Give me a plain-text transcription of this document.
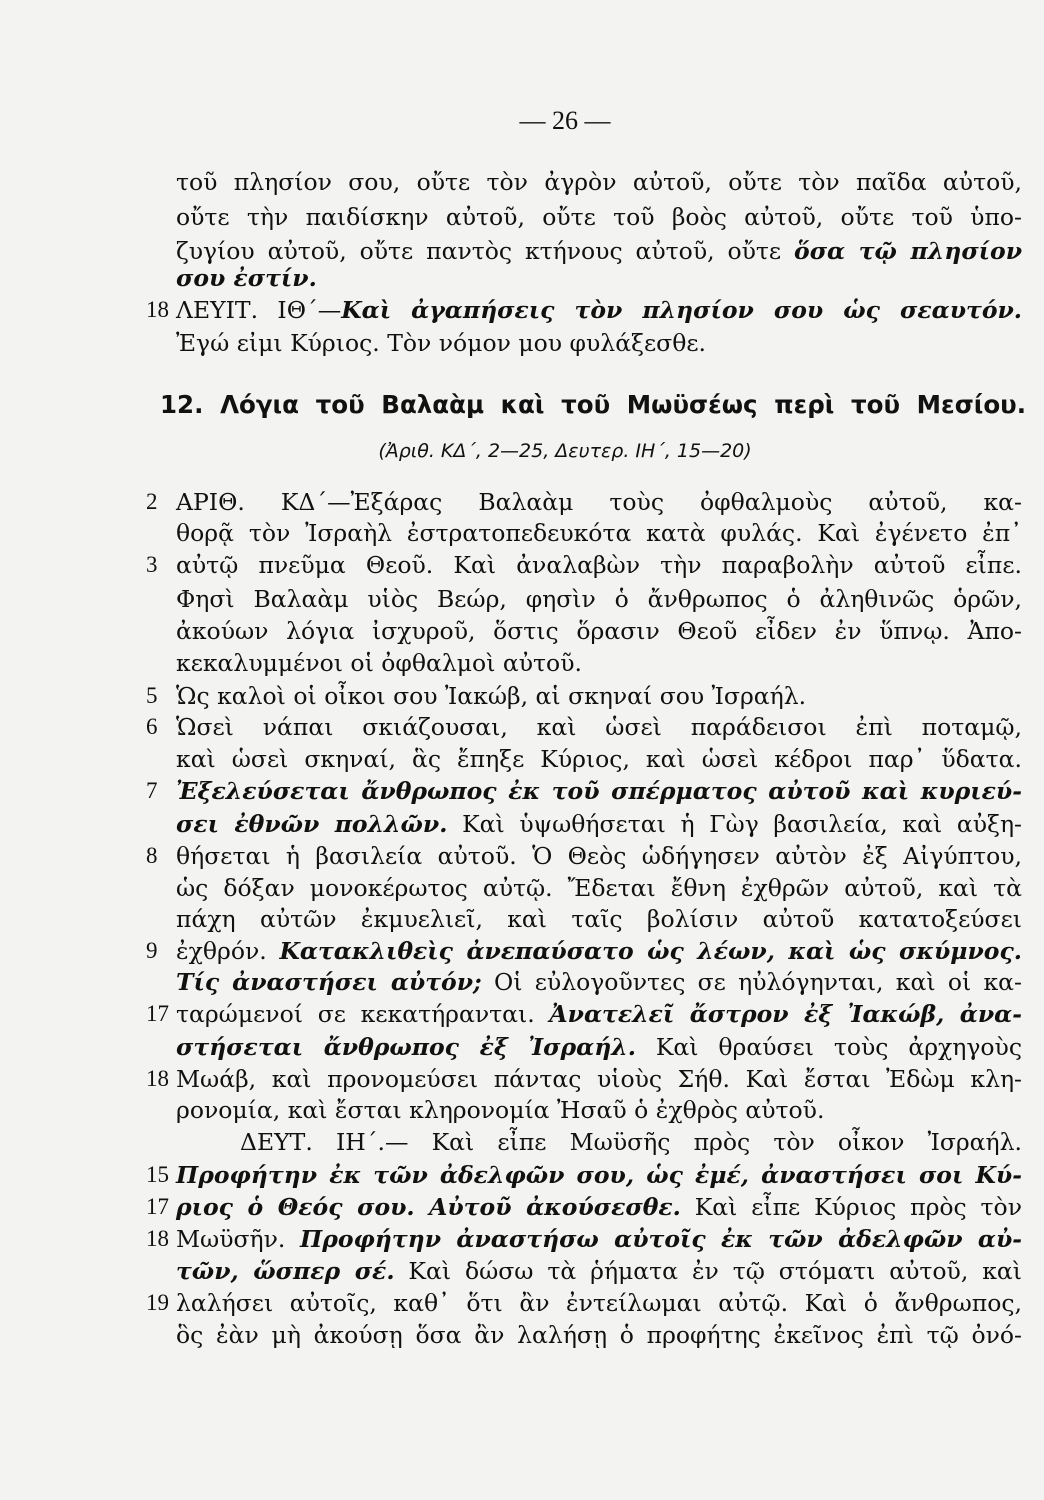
— 26 —
τοῦ πλησίον σου, οὔτε τὸν ἀγρὸν αὐτοῦ, οὔτε τὸν παῖδα αὐτοῦ,
οὔτε τὴν παιδίσκην αὐτοῦ, οὔτε τοῦ βοὸς αὐτοῦ, οὔτε τοῦ ὑπο-
ζυγίου αὐτοῦ, οὔτε παντὸς κτήνους αὐτοῦ, οὔτε ὅσα τῷ πλησίον
σου ἐστίν.
18 ΛΕΥΙΤ. ΙΘ΄—Καὶ ἀγαπήσεις τὸν πλησίον σου ὡς σεαυτόν.
Ἐγώ εἰμι Κύριος. Τὸν νόμον μου φυλάξεσθε.
12. Λόγια τοῦ Βαλαὰμ καὶ τοῦ Μωϋσέως περὶ τοῦ Μεσίου.
(Ἀριθ. ΚΔ΄, 2—25, Δευτερ. ΙΗ΄, 15—20)
2 ΑΡΙΘ. ΚΔ΄—Ἐξάρας Βαλαὰμ τοὺς ὀφθαλμοὺς αὐτοῦ, κα-
θορᾷ τὸν Ἰσραὴλ ἐστρατοπεδευκότα κατὰ φυλάς. Καὶ ἐγένετο ἐπ᾽
3 αὐτῷ πνεῦμα Θεοῦ. Καὶ ἀναλαβὼν τὴν παραβολὴν αὐτοῦ εἶπε.
Φησὶ Βαλαὰμ υἱὸς Βεώρ, φησὶν ὁ ἄνθρωπος ὁ ἀληθινῶς ὁρῶν,
ἀκούων λόγια ἰσχυροῦ, ὅστις ὅρασιν Θεοῦ εἶδεν ἐν ὕπνῳ. Ἀπο-
κεκαλυμμένοι οἱ ὀφθαλμοὶ αὐτοῦ.
5 Ὡς καλοὶ οἱ οἶκοι σου Ἰακώβ, αἱ σκηναί σου Ἰσραήλ.
6 Ὡσεὶ νάπαι σκιάζουσαι, καὶ ὡσεὶ παράδεισοι ἐπὶ ποταμῷ,
καὶ ὡσεὶ σκηναί, ἃς ἔπηξε Κύριος, καὶ ὡσεὶ κέδροι παρ᾽ ὕδατα.
7 Ἐξελεύσεται ἄνθρωπος ἐκ τοῦ σπέρματος αὐτοῦ καὶ κυριεύ-
σει ἐθνῶν πολλῶν. Καὶ ὑψωθήσεται ἡ Γὼγ βασιλεία, καὶ αὐξη-
8 θήσεται ἡ βασιλεία αὐτοῦ. Ὁ Θεὸς ὡδήγησεν αὐτὸν ἐξ Αἰγύπτου,
ὡς δόξαν μονοκέρωτος αὐτῷ. Ἔδεται ἔθνη ἐχθρῶν αὐτοῦ, καὶ τὰ
πάχη αὐτῶν ἐκμυελιεῖ, καὶ ταῖς βολίσιν αὐτοῦ κατατοξεύσει
9 ἐχθρόν. Κατακλιθεὶς ἀνεπαύσατο ὡς λέων, καὶ ὡς σκύμνος.
Τίς ἀναστήσει αὐτόν; Οἱ εὐλογοῦντες σε ηὐλόγηνται, καὶ οἱ κα-
17 ταρώμενοί σε κεκατήρανται. Ἀνατελεῖ ἄστρον ἐξ Ἰακώβ, ἀνα-
στήσεται ἄνθρωπος ἐξ Ἰσραήλ. Καὶ θραύσει τοὺς ἀρχηγοὺς
18 Μωάβ, καὶ προνομεύσει πάντας υἱοὺς Σήθ. Καὶ ἔσται Ἐδὼμ κλη-
ρονομία, καὶ ἔσται κληρονομία Ἠσαῦ ὁ ἐχθρὸς αὐτοῦ.
ΔΕΥΤ. ΙΗ΄.— Καὶ εἶπε Μωϋσῆς πρὸς τὸν οἶκον Ἰσραήλ.
15 Προφήτην ἐκ τῶν ἀδελφῶν σου, ὡς ἐμέ, ἀναστήσει σοι Κύ-
17 ριος ὁ Θεός σου. Αὐτοῦ ἀκούσεσθε. Καὶ εἶπε Κύριος πρὸς τὸν
18 Μωϋσῆν. Προφήτην ἀναστήσω αὐτοῖς ἐκ τῶν ἀδελφῶν αὐ-
τῶν, ὥσπερ σέ. Καὶ δώσω τὰ ῥήματα ἐν τῷ στόματι αὐτοῦ, καὶ
19 λαλήσει αὐτοῖς, καθ᾽ ὅτι ἂν ἐντείλωμαι αὐτῷ. Καὶ ὁ ἄνθρωπος,
ὃς ἐὰν μὴ ἀκούσῃ ὅσα ἂν λαλήσῃ ὁ προφήτης ἐκεῖνος ἐπὶ τῷ ὀνό-
